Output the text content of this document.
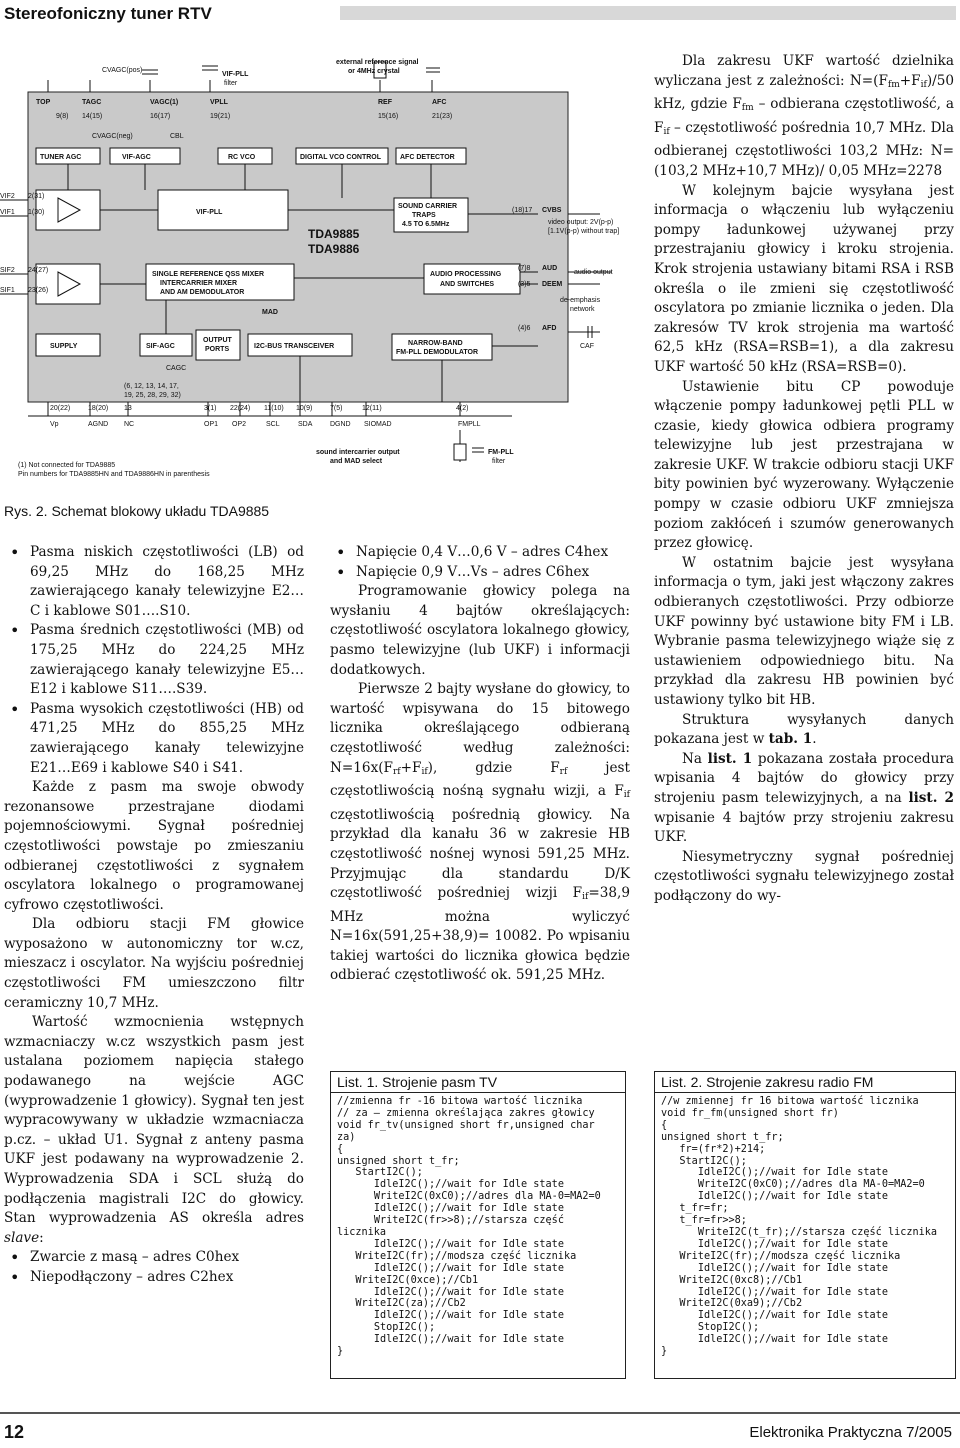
Stereofoniczny tuner RTV
CVAGC(pos)
VIF-PLL
filter
external reference signal
or 4MHz crystal
TOP	TAGC	VAGC(1)	VPLL	REF	AFC
9(8) 14(15)	16(17)	19(21)	15(16)	21(23)
CVAGC(neg)	CBL
TUNER AGC	VIF-AGC	RC VCO	DIGITAL VCO CONTROL	AFC DETECTOR
VIF-PLL
SINGLE REFERENCE QSS MIXER
INTERCARRIER MIXER
AND AM DEMODULATOR
MAD
SOUND CARRIER
TRAPS
4.5 TO 6.5MHz
AUDIO PROCESSING
AND SWITCHES
SUPPLY	SIF-AGC
OUTPUT
PORTS	I2C-BUS TRANSCEIVER	NARROW-BAND
FM-PLL DEMODULATOR
TDA9885
TDA9886
VIF2 2(31)
VIF1 1(30)
SIF2 24(27)
SIF1 23(26)
(18)17 CVBS
video output: 2V(p-p)
[1.1V(p-p) without trap]
(7)8 AUD
audio output
(3)5 DEEM
de-emphasis
network
(4)6 AFD
CAF
CAGC
(6, 12, 13, 14, 17,
19, 25, 28, 29, 32)
20(22)
Vp
18(20)
AGND
13
NC
3(1)
OP1
22(24)
OP2
11(10)
SCL
10(9)
SDA
7(5)
DGND
12(11)
SIOMAD
4(2)
FMPLL
sound intercarrier output
and MAD select
FM-PLL
filter
(1) Not connected for TDA9885
Pin numbers for TDA9885HN and TDA9886HN in parenthesis
Rys. 2. Schemat blokowy układu TDA9885
• Pasma niskich częstotliwości (LB) od 69,25 MHz do 168,25 MHz zawierającego kanały telewizyjne E2…C i kablowe S01….S10.
• Pasma średnich częstotliwości (MB) od 175,25 MHz do 224,25 MHz zawierającego kanały telewizyjne E5…E12 i kablowe S11….S39.
• Pasma wysokich częstotliwości (HB) od 471,25 MHz do 855,25 MHz zawierającego kanały telewizyjne E21…E69 i kablowe S40 i S41.

Każde z pasm ma swoje obwody rezonansowe przestrajane diodami pojemnościowymi. Sygnał pośredniej częstotliwości powstaje po zmieszaniu odbieranej częstotliwości z sygnałem oscylatora lokalnego o programowanej cyfrowo częstotliwości.

Dla odbioru stacji FM głowice wyposażono w autonomiczny tor w.cz, mieszacz i oscylator. Na wyjściu pośredniej częstotliwości FM umieszczono filtr ceramiczny 10,7 MHz.

Wartość wzmocnienia wstępnych wzmacniaczy w.cz wszystkich pasm jest ustalana poziomem napięcia stałego podawanego na wejście AGC (wyprowadzenie 1 głowicy). Sygnał ten jest wypracowywany w układzie wzmacniacza p.cz. – układ U1. Sygnał z anteny pasma UKF jest podawany na wyprowadzenie 2. Wyprowadzenia SDA i SCL służą do podłączenia magistrali I2C do głowicy. Stan wyprowadzenia AS określa adres slave:

• Zwarcie z masą – adres C0hex
• Niepodłączony – adres C2hex
• Napięcie 0,4 V…0,6 V – adres C4hex
• Napięcie 0,9 V…Vs – adres C6hex

Programowanie głowicy polega na wysłaniu 4 bajtów określających: częstotliwość oscylatora lokalnego głowicy, pasmo telewizyjne (lub UKF) i informacji dodatkowych.

Pierwsze 2 bajty wysłane do głowicy, to wartość wpisywana do 15 bitowego licznika określającego odbieraną częstotliwość według zależności: $N=16x(F_{rf}+F_{if})$, gdzie $F_{rf}$ jest częstotliwością nośną sygnału wizji, a $F_{if}$ częstotliwością pośrednią głowicy. Na przykład dla kanału 36 w zakresie HB częstotliwość nośnej wynosi 591,25 MHz. Przyjmując dla standardu D/K częstotliwość pośredniej wizji $F_{if}=38,9$ MHz można wyliczyć N=16x(591,25+38,9)= 10082. Po wpisaniu takiej wartości do licznika głowica będzie odbierać częstotliwość ok. 591,25 MHz.

Dla zakresu UKF wartość dzielnika wyliczana jest z zależności: $N=(F_{fm}+F_{if})/50$ kHz, gdzie $F_{fm}$ – odbierana częstotliwość, a $F_{if}$ – częstotliwość pośrednia 10,7 MHz. Dla odbieranej częstotliwości 103,2 MHz: N=(103,2 MHz+10,7 MHz)/ 0,05 MHz=2278

W kolejnym bajcie wysyłana jest informacja o włączeniu lub wyłączeniu pompy ładunkowej używanej przy przestrajaniu głowicy i kroku strojenia. Krok strojenia ustawiany bitami RSA i RSB określa o ile zmieni się częstotliwość oscylatora po zmianie licznika o jeden. Dla zakresów TV krok strojenia ma wartość 62,5 kHz (RSA=RSB=1), a dla zakresu UKF wartość 50 kHz (RSA=RSB=0).

Ustawienie bitu CP powoduje włączenie pompy ładunkowej pętli PLL w czasie, kiedy głowica odbiera programy telewizyjne lub jest przestrajana w zakresie UKF. W trakcie odbioru stacji UKF bity powinien być wyzerowany. Wyłączenie pompy w czasie odbioru UKF zmniejsza poziom zakłóceń i szumów generowanych przez głowicę.

W ostatnim bajcie jest wysyłana informacja o tym, jaki jest włączony zakres odbieranych częstotliwości. Przy odbiorze UKF powinny być ustawione bity FM i LB. Wybranie pasma telewizyjnego wiąże się z ustawieniem odpowiedniego bitu. Na przykład dla zakresu HB powinien być ustawiony tylko bit HB.

Struktura wysyłanych danych pokazana jest w tab. 1.

Na list. 1 pokazana została procedura wpisania 4 bajtów do głowicy przy strojeniu pasm telewizyjnych, a na list. 2 wpisanie 4 bajtów przy strojeniu zakresu UKF.

Niesymetryczny sygnał pośredniej częstotliwości sygnału telewizyjnego został podłączony do wy-

List. 1. Strojenie pasm TV
//zmienna fr -16 bitowa wartość licznika
// za – zmienna określająca zakres głowicy
void fr_tv(unsigned short fr,unsigned char za)
{
unsigned short t_fr;
StartI2C();
IdleI2C();//wait for Idle state
WriteI2C(0xC0);//adres dla MA-0=MA2=0
IdleI2C();//wait for Idle state
WriteI2C(fr>>8);//starsza część licznika
IdleI2C();//wait for Idle state
WriteI2C(fr);//modsza część licznika
IdleI2C();//wait for Idle state
WriteI2C(0xce);//Cb1
IdleI2C();//wait for Idle state
WriteI2C(za);//Cb2
IdleI2C();//wait for Idle state
StopI2C();
IdleI2C();//wait for Idle state
}
List. 2. Strojenie zakresu radio FM
//w zmiennej fr 16 bitowa wartość licznika
void fr_fm(unsigned short fr)
{
unsigned short t_fr;
fr=(fr*2)+214;
StartI2C();
IdleI2C();//wait for Idle state
WriteI2C(0xC0);//adres dla MA-0=MA2=0
IdleI2C();//wait for Idle state
t_fr=fr;
t_fr=fr>>8;
WriteI2C(t_fr);//starsza część licznika
IdleI2C();//wait for Idle state
WriteI2C(fr);//modsza część licznika
IdleI2C();//wait for Idle state
WriteI2C(0xc8);//Cb1
IdleI2C();//wait for Idle state
WriteI2C(0xa9);//Cb2
IdleI2C();//wait for Idle state
StopI2C();
IdleI2C();//wait for Idle state
}
12	Elektronika Praktyczna 7/2005
